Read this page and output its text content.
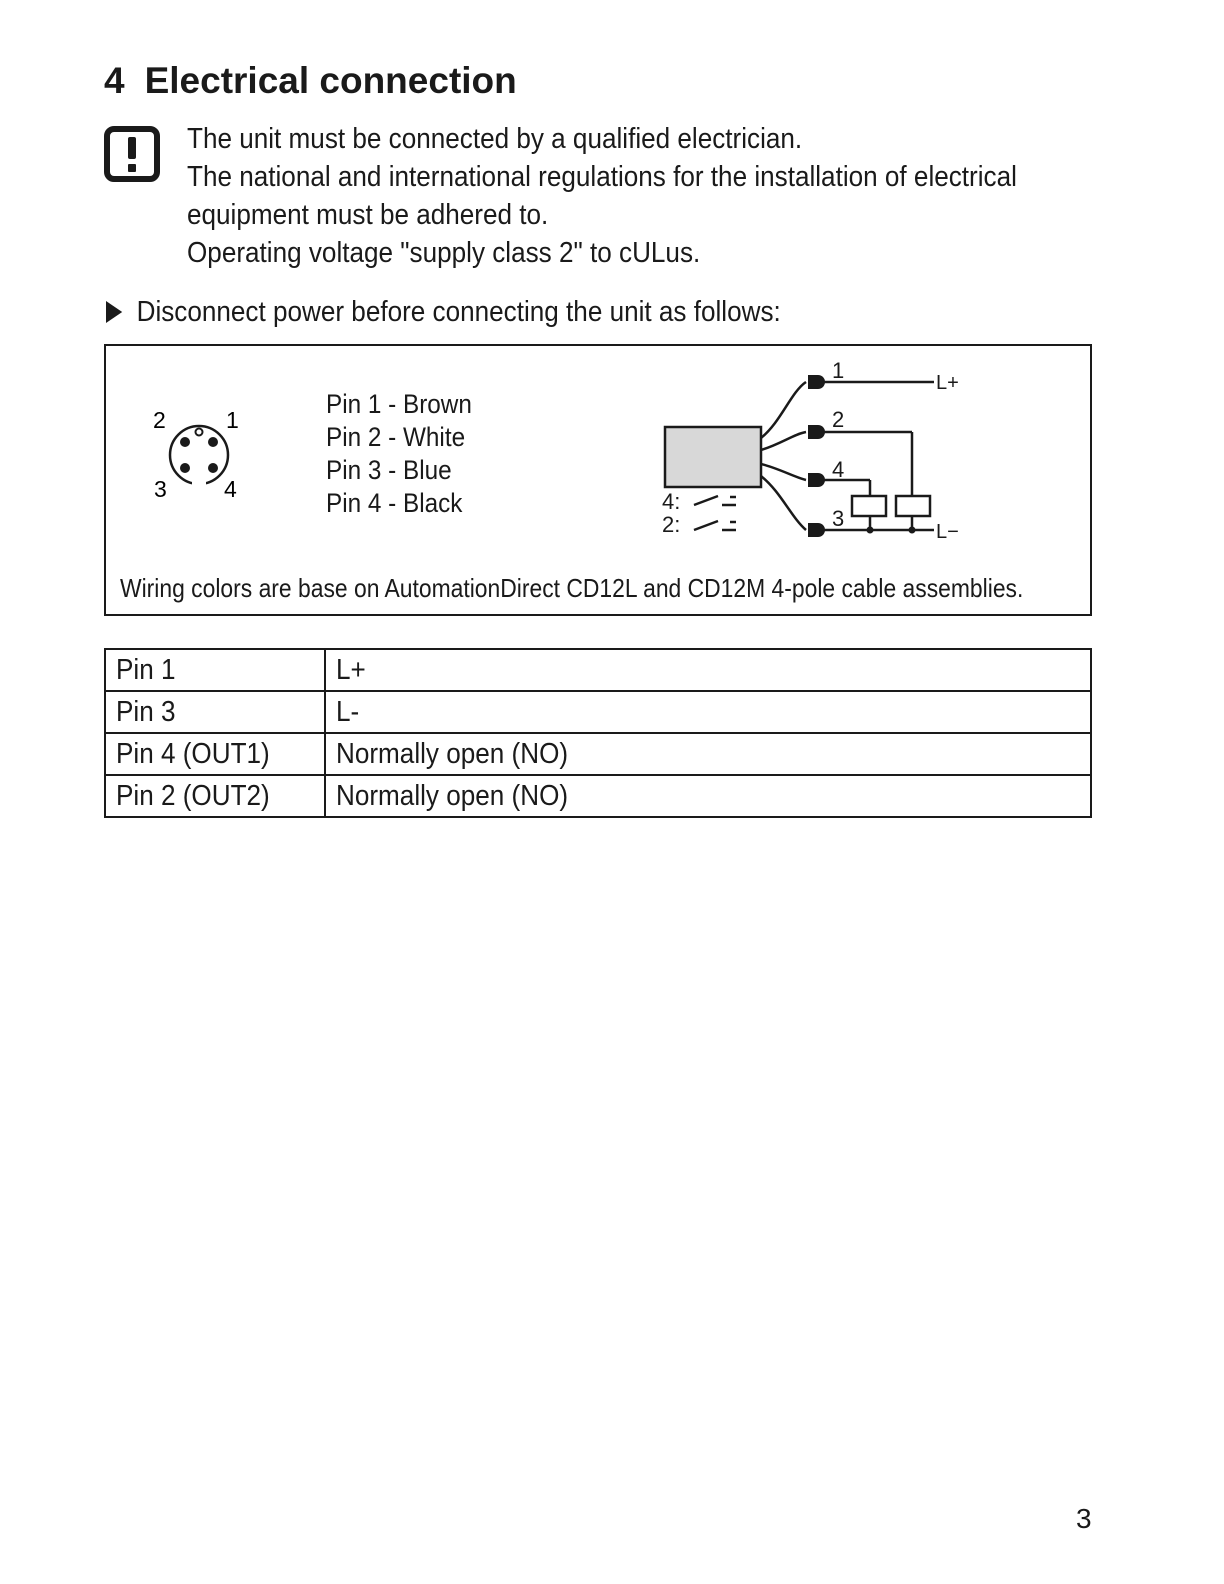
4 Electrical connection
The unit must be connected by a qualified electrician.
The national and international regulations for the installation of electrical
equipment must be adhered to.
Operating voltage "supply class 2" to cULus.
Disconnect power before connecting the unit as follows:
1
2
3 4
Pin 1 - Brown
Pin 2 - White
Pin 3 - Blue
Pin 4 - Black
1
2
4
3
L+
L−
4:
2:
Wiring colors are base on AutomationDirect CD12L and CD12M 4-pole cable assemblies.
Pin 1	L+
Pin 3	L-
Pin 4 (OUT1)	Normally open (NO)
Pin 2 (OUT2)	Normally open (NO)
3
